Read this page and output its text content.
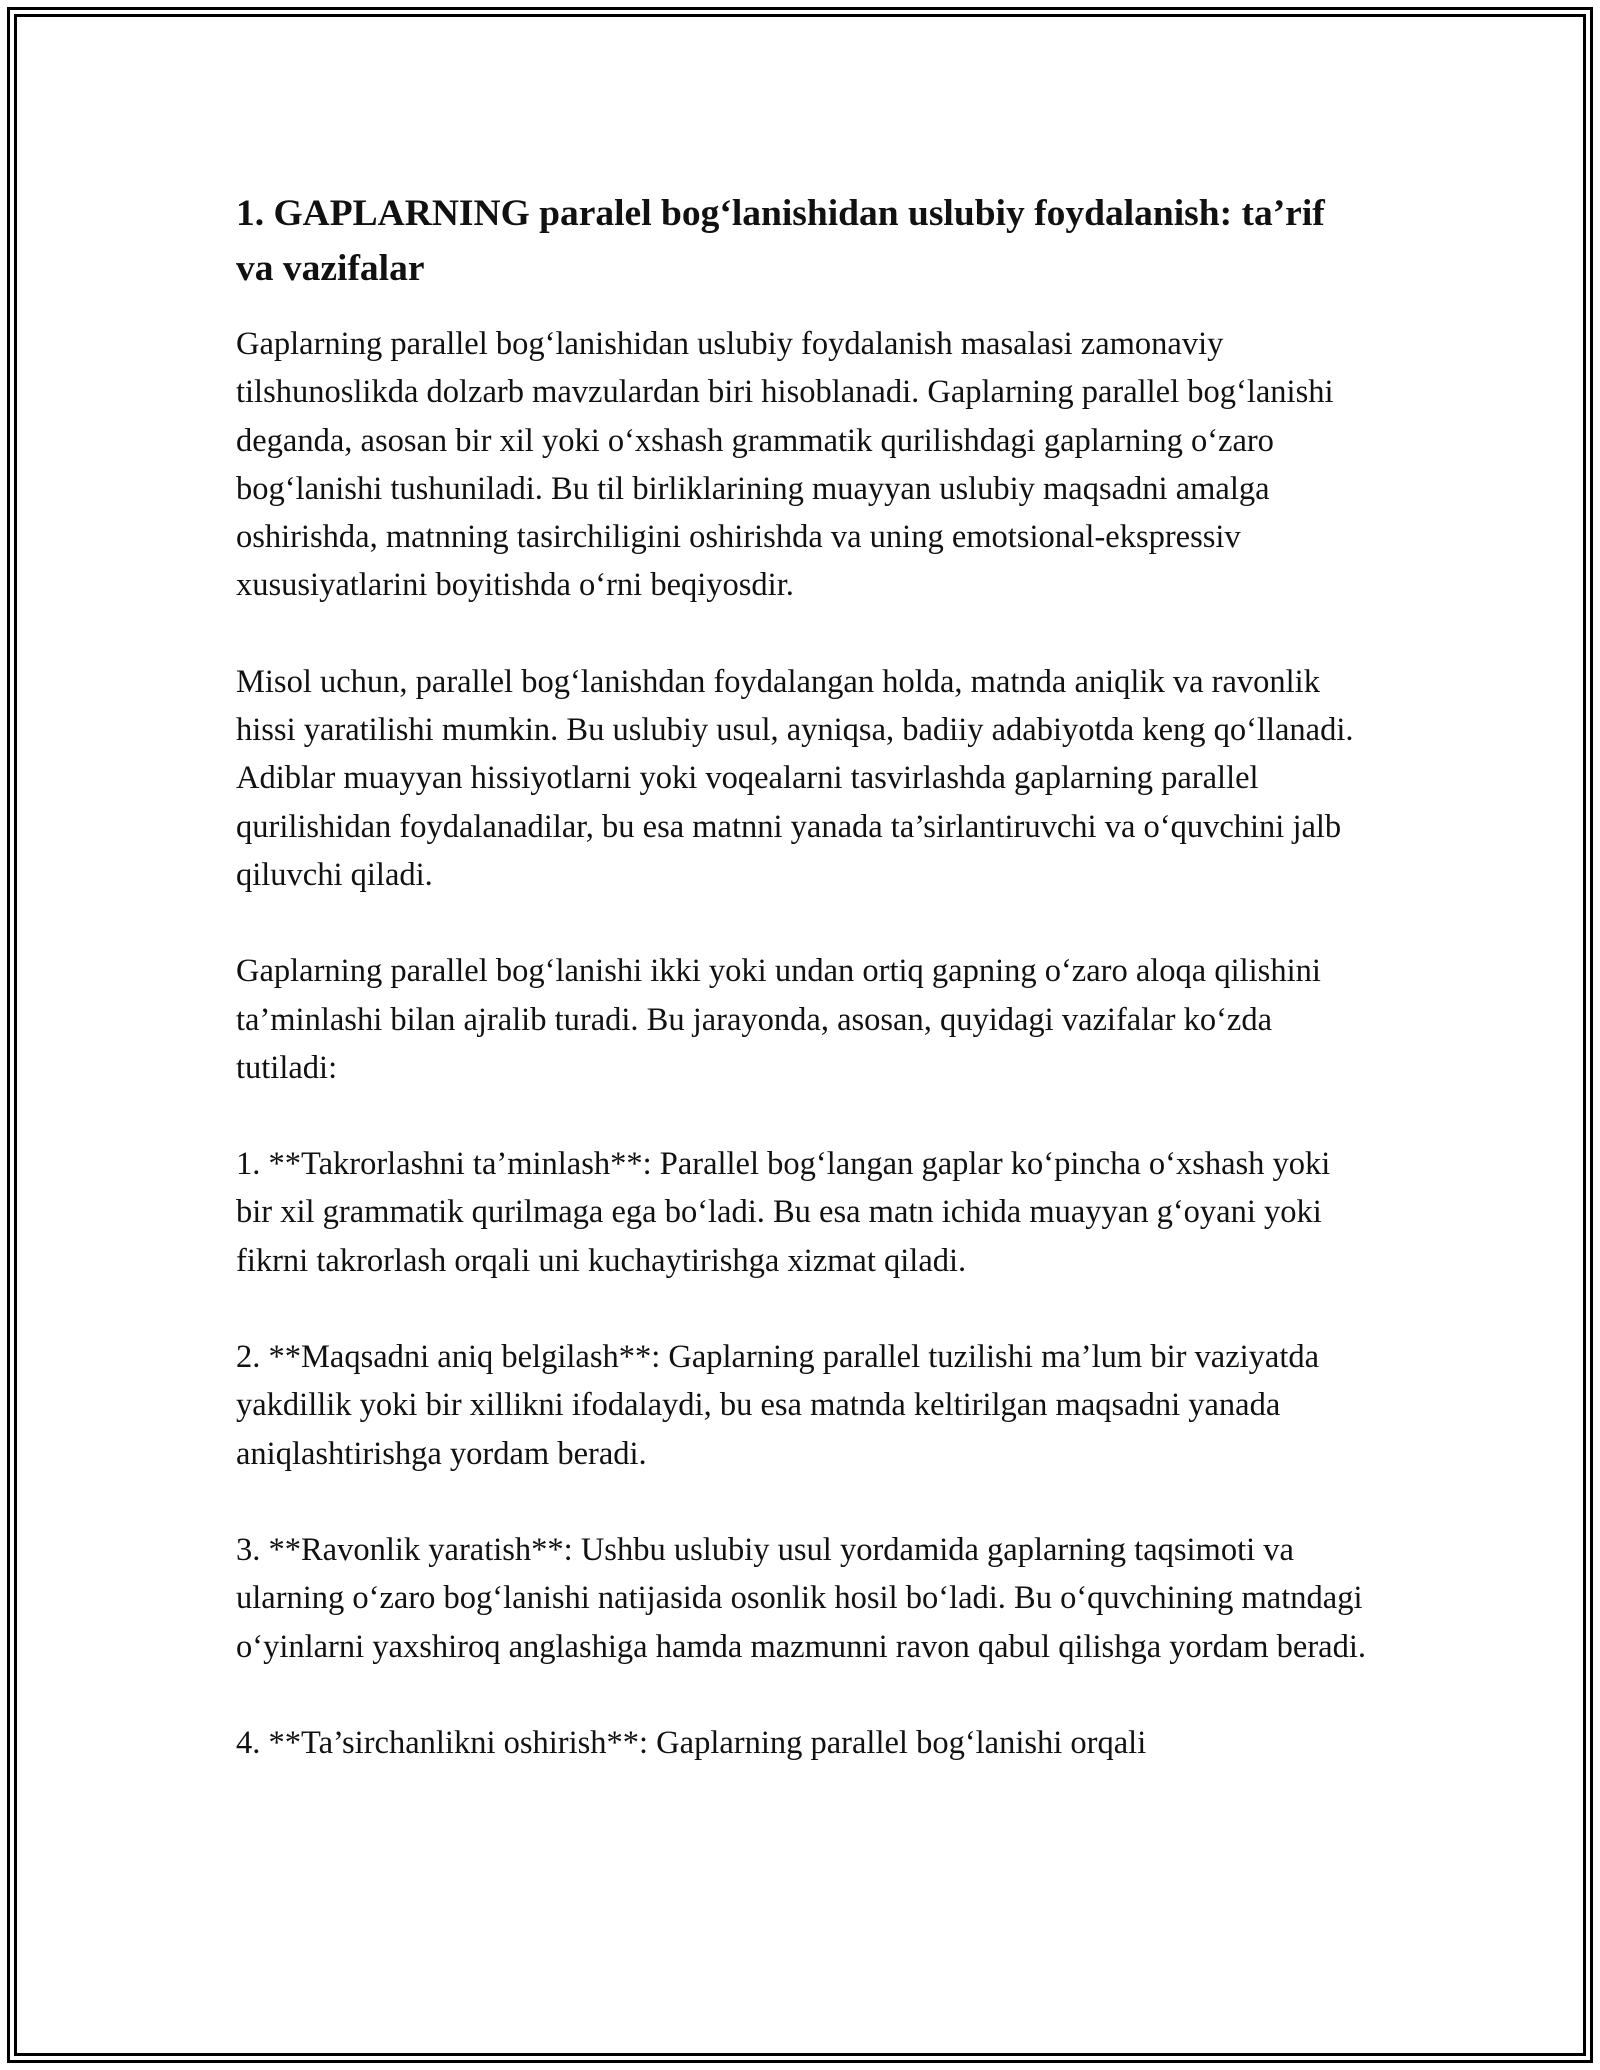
1. GAPLARNING paralel bog‘lanishidan uslubiy foydalanish: ta’rif va vazifalar

Gaplarning parallel bog‘lanishidan uslubiy foydalanish masalasi zamonaviy tilshunoslikda dolzarb mavzulardan biri hisoblanadi. Gaplarning parallel bog‘lanishi deganda, asosan bir xil yoki o‘xshash grammatik qurilishdagi gaplarning o‘zaro bog‘lanishi tushuniladi. Bu til birliklarining muayyan uslubiy maqsadni amalga oshirishda, matnning tasirchiligini oshirishda va uning emotsional-ekspressiv xususiyatlarini boyitishda o‘rni beqiyosdir.

Misol uchun, parallel bog‘lanishdan foydalangan holda, matnda aniqlik va ravonlik hissi yaratilishi mumkin. Bu uslubiy usul, ayniqsa, badiiy adabiyotda keng qo‘llanadi. Adiblar muayyan hissiyotlarni yoki voqealarni tasvirlashda gaplarning parallel qurilishidan foydalanadilar, bu esa matnni yanada ta’sirlantiruvchi va o‘quvchini jalb qiluvchi qiladi.

Gaplarning parallel bog‘lanishi ikki yoki undan ortiq gapning o‘zaro aloqa qilishini ta’minlashi bilan ajralib turadi. Bu jarayonda, asosan, quyidagi vazifalar ko‘zda tutiladi:

1. **Takrorlashni ta’minlash**: Parallel bog‘langan gaplar ko‘pincha o‘xshash yoki bir xil grammatik qurilmaga ega bo‘ladi. Bu esa matn ichida muayyan g‘oyani yoki fikrni takrorlash orqali uni kuchaytirishga xizmat qiladi.

2. **Maqsadni aniq belgilash**: Gaplarning parallel tuzilishi ma’lum bir vaziyatda yakdillik yoki bir xillikni ifodalaydi, bu esa matnda keltirilgan maqsadni yanada aniqlashtirishga yordam beradi.

3. **Ravonlik yaratish**: Ushbu uslubiy usul yordamida gaplarning taqsimoti va ularning o‘zaro bog‘lanishi natijasida osonlik hosil bo‘ladi. Bu o‘quvchining matndagi o‘yinlarni yaxshiroq anglashiga hamda mazmunni ravon qabul qilishga yordam beradi.

4. **Ta’sirchanlikni oshirish**: Gaplarning parallel bog‘lanishi orqali
